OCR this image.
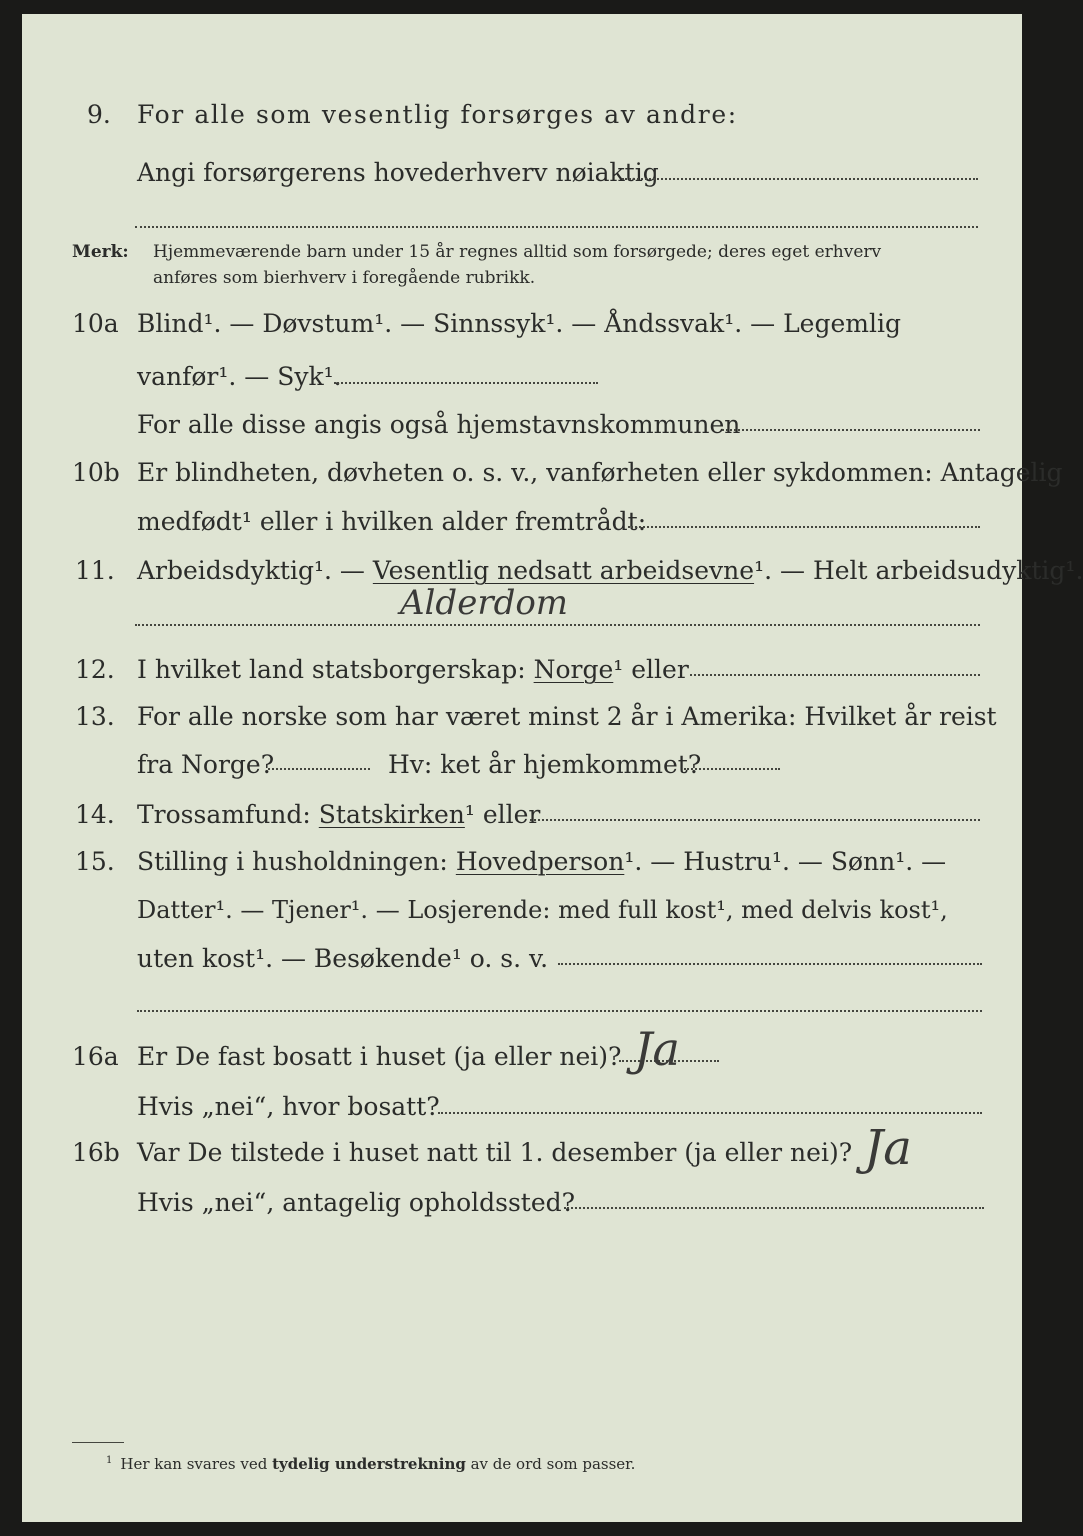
9. For alle som vesentlig forsørges av andre:
Angi forsørgerens hovederhverv nøiaktig
Merk: Hjemmeværende barn under 15 år regnes alltid som forsørgede; deres eget erhverv
anføres som bierhverv i foregående rubrikk.
10a Blind¹. — Døvstum¹. — Sinnssyk¹. — Åndssvak¹. — Legemlig
vanfør¹. — Syk¹.
For alle disse angis også hjemstavnskommunen
10b Er blindheten, døvheten o. s. v., vanførheten eller sykdommen: Antagelig
medfødt¹ eller i hvilken alder fremtrådt:
11. Arbeidsdyktig¹. — Vesentlig nedsatt arbeidsevne¹. — Helt arbeidsudyktig¹.
Alderdom
12. I hvilket land statsborgerskap: Norge¹ eller
13. For alle norske som har været minst 2 år i Amerika: Hvilket år reist
fra Norge?	Hv: ket år hjemkommet?
14. Trossamfund: Statskirken¹ eller
15. Stilling i husholdningen: Hovedperson¹. — Hustru¹. — Sønn¹. —
Datter¹. — Tjener¹. — Losjerende: med full kost¹, med delvis kost¹,
uten kost¹. — Besøkende¹ o. s. v.
16a Er De fast bosatt i huset (ja eller nei)? Ja
Hvis „nei“, hvor bosatt?
16b Var De tilstede i huset natt til 1. desember (ja eller nei)? Ja
Hvis „nei“, antagelig opholdssted?
$^1$ Her kan svares ved tydelig understrekning av de ord som passer.
